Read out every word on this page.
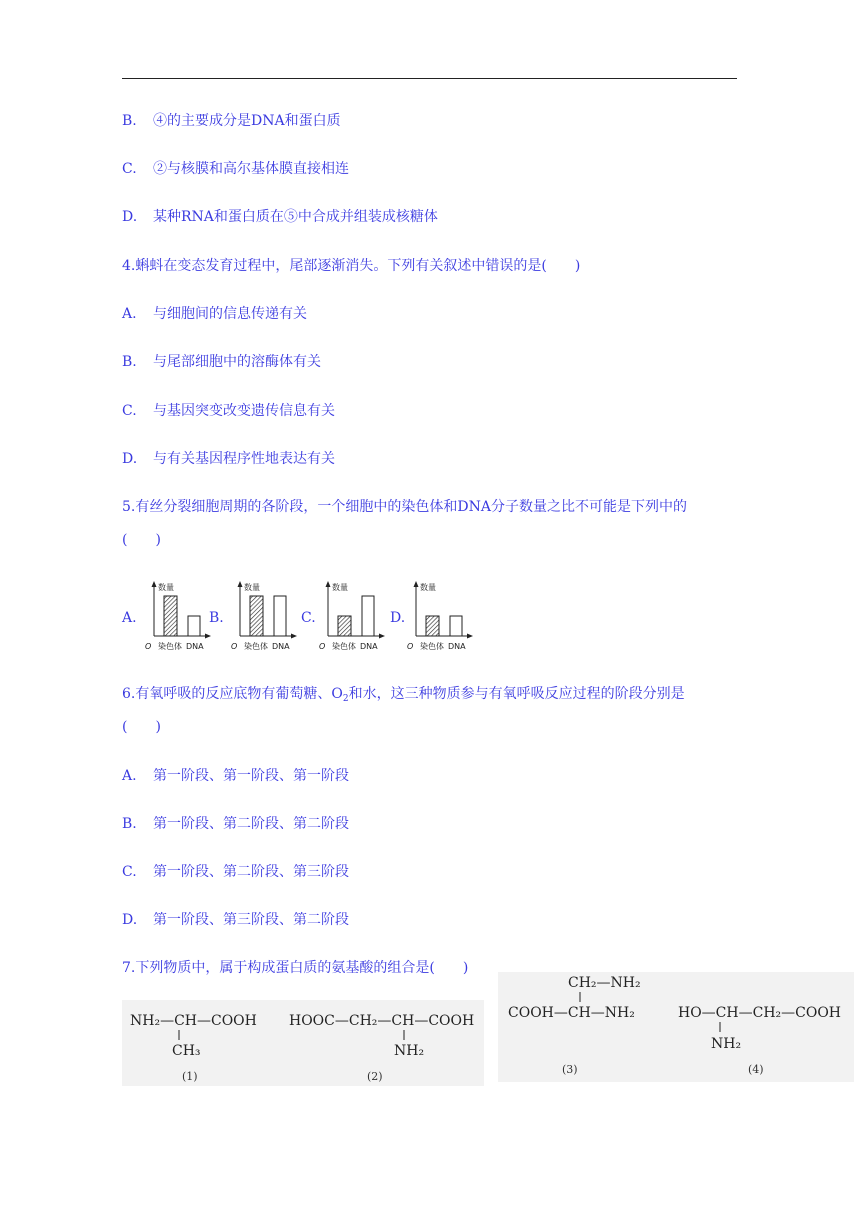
B. ④的主要成分是DNA和蛋白质
C. ②与核膜和高尔基体膜直接相连
D. 某种RNA和蛋白质在⑤中合成并组装成核糖体
4.蝌蚪在变态发育过程中，尾部逐渐消失。下列有关叙述中错误的是(　　)
A. 与细胞间的信息传递有关
B. 与尾部细胞中的溶酶体有关
C. 与基因突变改变遗传信息有关
D. 与有关基因程序性地表达有关
5.有丝分裂细胞周期的各阶段，一个细胞中的染色体和DNA分子数量之比不可能是下列中的
(　　)
A.
数量
O 染色体 DNA
B.
数量
O 染色体 DNA
C.
数量
O 染色体 DNA
D.
数量
O 染色体 DNA
6.有氧呼吸的反应底物有葡萄糖、$O_2$和水，这三种物质参与有氧呼吸反应过程的阶段分别是
(　　)
A. 第一阶段、第一阶段、第一阶段
B. 第一阶段、第二阶段、第二阶段
C. 第一阶段、第二阶段、第三阶段
D. 第一阶段、第三阶段、第二阶段
7.下列物质中，属于构成蛋白质的氨基酸的组合是(　　)
NH₂—CH—COOH
CH₃
(1)
HOOC—CH₂—CH—COOH
NH₂
(2)
CH₂—NH₂
COOH—CH—NH₂
(3)
HO—CH—CH₂—COOH
NH₂
(4)
